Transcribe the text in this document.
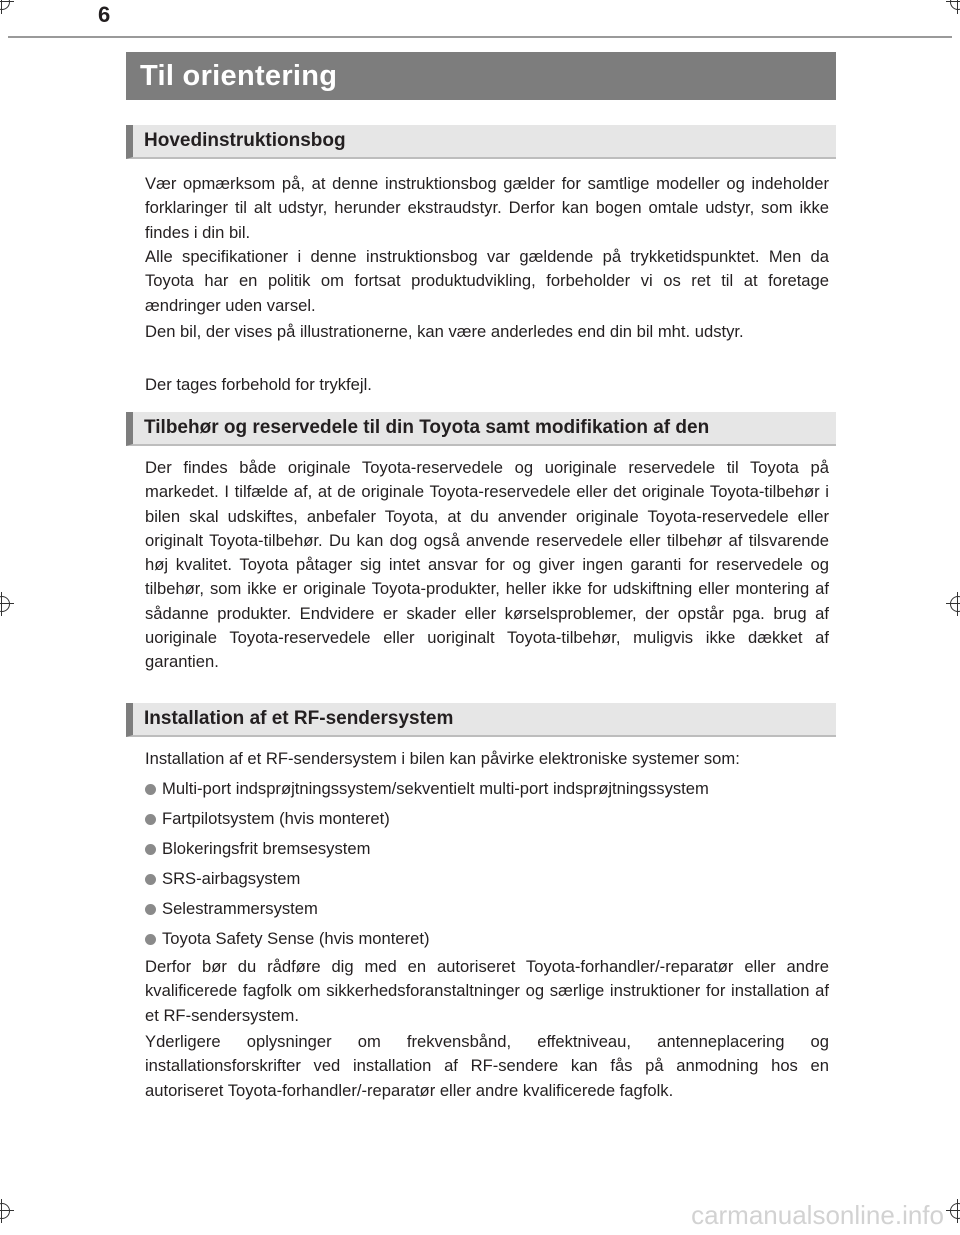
6
Til orientering
Hovedinstruktionsbog

Vær opmærksom på, at denne instruktionsbog gælder for samtlige modeller og indeholder forklaringer til alt udstyr, herunder ekstraudstyr. Derfor kan bogen omtale udstyr, som ikke findes i din bil.

Alle specifikationer i denne instruktionsbog var gældende på trykketidspunktet. Men da Toyota har en politik om fortsat produktudvikling, forbeholder vi os ret til at foretage ændringer uden varsel.

Den bil, der vises på illustrationerne, kan være anderledes end din bil mht. udstyr.

Der tages forbehold for trykfejl.

Tilbehør og reservedele til din Toyota samt modifikation af den

Der findes både originale Toyota-reservedele og uoriginale reservedele til Toyota på markedet. I tilfælde af, at de originale Toyota-reservedele eller det originale Toyota-tilbehør i bilen skal udskiftes, anbefaler Toyota, at du anvender originale Toyota-reservedele eller originalt Toyota-tilbehør. Du kan dog også anvende reservedele eller tilbehør af tilsvarende høj kvalitet. Toyota påtager sig intet ansvar for og giver ingen garanti for reservedele og tilbehør, som ikke er originale Toyota-produkter, heller ikke for udskiftning eller montering af sådanne produkter. Endvidere er skader eller kørselsproblemer, der opstår pga. brug af uoriginale Toyota-reservedele eller uoriginalt Toyota-tilbehør, muligvis ikke dækket af garantien.

Installation af et RF-sendersystem

Installation af et RF-sendersystem i bilen kan påvirke elektroniske systemer som:

Multi-port indsprøjtningssystem/sekventielt multi-port indsprøjtningssystem
Fartpilotsystem (hvis monteret)
Blokeringsfrit bremsesystem
SRS-airbagsystem
Selestrammersystem
Toyota Safety Sense (hvis monteret)

Derfor bør du rådføre dig med en autoriseret Toyota-forhandler/-reparatør eller andre kvalificerede fagfolk om sikkerhedsforanstaltninger og særlige instruktioner for installation af et RF-sendersystem.

Yderligere oplysninger om frekvensbånd, effektniveau, antenneplacering og installationsforskrifter ved installation af RF-sendere kan fås på anmodning hos en autoriseret Toyota-forhandler/-reparatør eller andre kvalificerede fagfolk.

carmanualsonline.info
